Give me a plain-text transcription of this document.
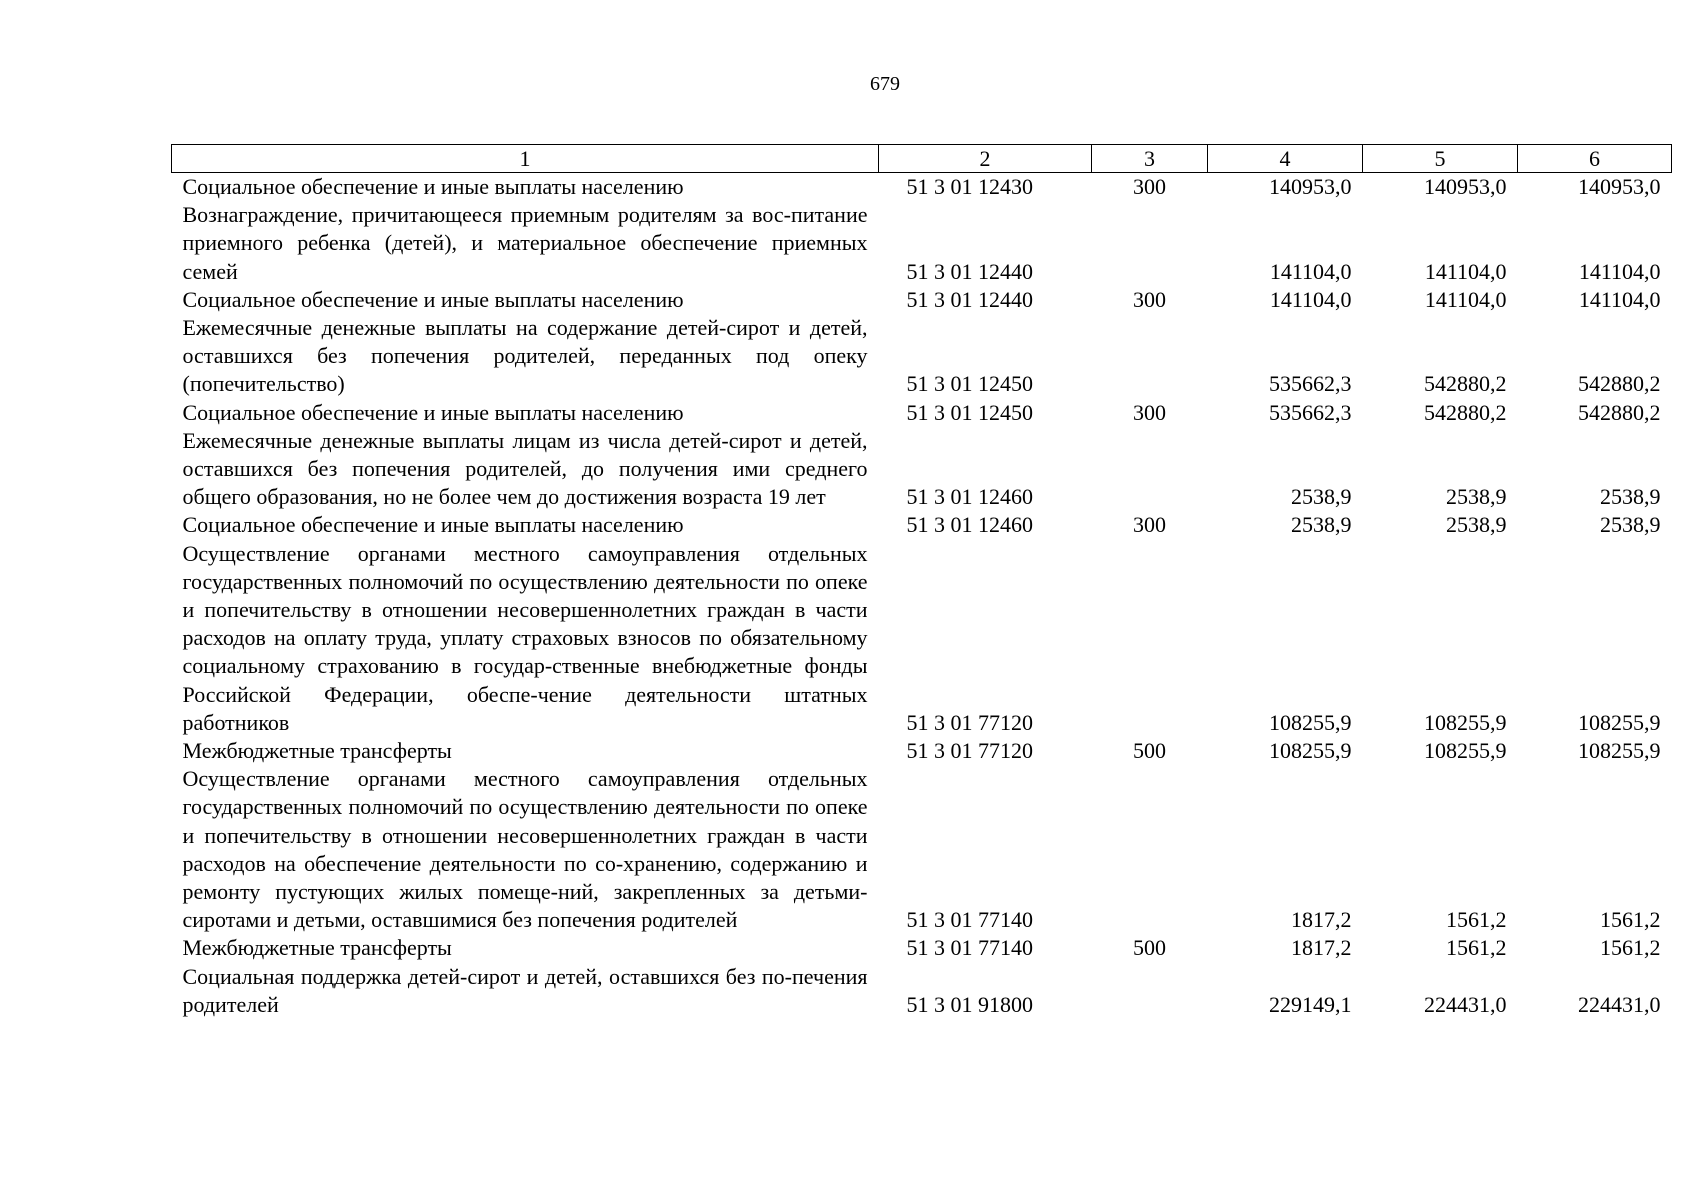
679
1	2	3	4	5	6
Социальное обеспечение и иные выплаты населению	51 3 01 12430	300	140953,0	140953,0	140953,0
Вознаграждение, причитающееся приемным родителям за вос-питание приемного ребенка (детей), и материальное обеспечение приемных семей	51 3 01 12440		141104,0	141104,0	141104,0
Социальное обеспечение и иные выплаты населению	51 3 01 12440	300	141104,0	141104,0	141104,0
Ежемесячные денежные выплаты на содержание детей-сирот и детей, оставшихся без попечения родителей, переданных под опеку (попечительство)	51 3 01 12450		535662,3	542880,2	542880,2
Социальное обеспечение и иные выплаты населению	51 3 01 12450	300	535662,3	542880,2	542880,2
Ежемесячные денежные выплаты лицам из числа детей-сирот и детей, оставшихся без попечения родителей, до получения ими среднего общего образования, но не более чем до достижения возраста 19 лет	51 3 01 12460		2538,9	2538,9	2538,9
Социальное обеспечение и иные выплаты населению	51 3 01 12460	300	2538,9	2538,9	2538,9
Осуществление органами местного самоуправления отдельных государственных полномочий по осуществлению деятельности по опеке и попечительству в отношении несовершеннолетних граждан в части расходов на оплату труда, уплату страховых взносов по обязательному социальному страхованию в государ-ственные внебюджетные фонды Российской Федерации, обеспе-чение деятельности штатных работников	51 3 01 77120		108255,9	108255,9	108255,9
Межбюджетные трансферты	51 3 01 77120	500	108255,9	108255,9	108255,9
Осуществление органами местного самоуправления отдельных государственных полномочий по осуществлению деятельности по опеке и попечительству в отношении несовершеннолетних граждан в части расходов на обеспечение деятельности по со-хранению, содержанию и ремонту пустующих жилых помеще-ний, закрепленных за детьми-сиротами и детьми, оставшимися без попечения родителей	51 3 01 77140		1817,2	1561,2	1561,2
Межбюджетные трансферты	51 3 01 77140	500	1817,2	1561,2	1561,2
Социальная поддержка детей-сирот и детей, оставшихся без по-печения родителей	51 3 01 91800		229149,1	224431,0	224431,0
